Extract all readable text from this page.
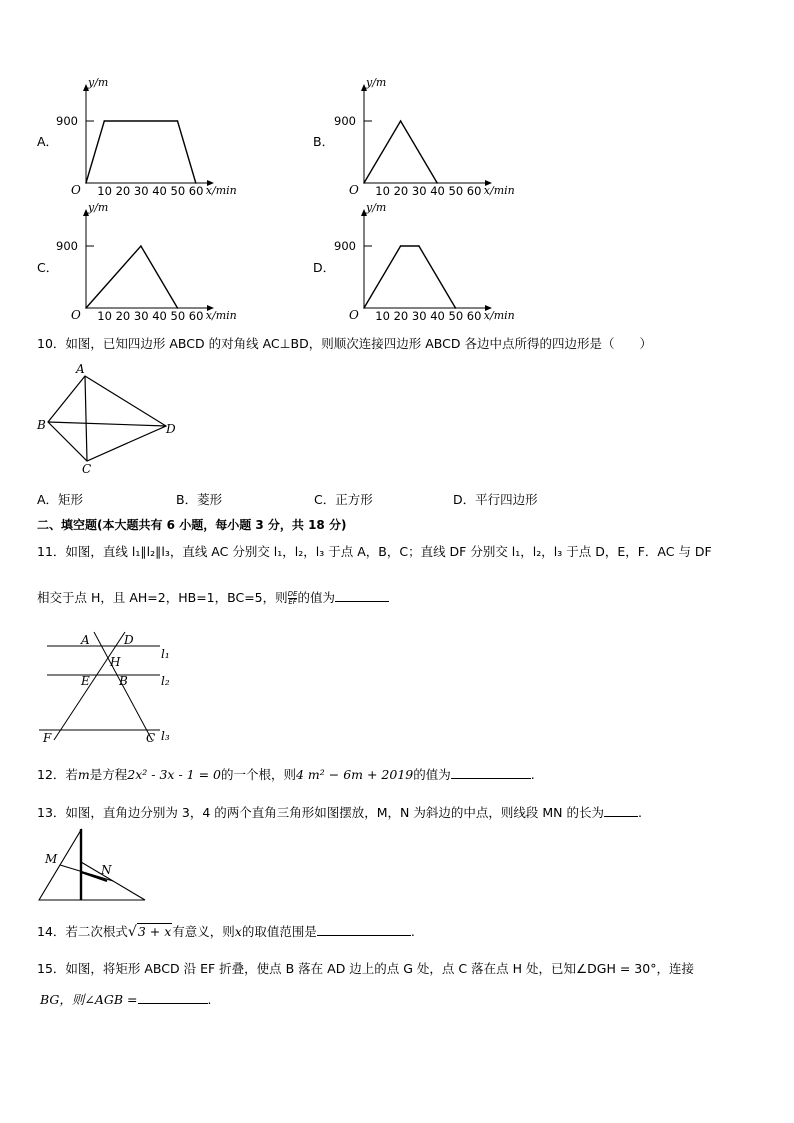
A．	B．
C．	D．
900
y/m
O 10 20 30 40 50 60 x/min
900
y/m
O 10 20 30 40 50 60 x/min
900
y/m
O 10 20 30 40 50 60 x/min
900
y/m
O 10 20 30 40 50 60 x/min
10．如图，已知四边形 ABCD 的对角线 AC⊥BD，则顺次连接四边形 ABCD 各边中点所得的四边形是（　　）
A
B
C
D
A．矩形	B．菱形	C．正方形	D．平行四边形
二、填空题(本大题共有 6 小题，每小题 3 分，共 18 分)
11．如图，直线 l₁∥l₂∥l₃，直线 AC 分别交 l₁，l₂，l₃ 于点 A，B，C；直线 DF 分别交 l₁，l₂，l₃ 于点 D，E，F．AC 与 DF
相交于点 H，且 AH=2，HB=1，BC=5，则 $\frac{DE}{EF}$ 的值为
A	D
H
E B
F	C
l₁
l₂
l₃
12．若m是方程2x² - 3x - 1 = 0的一个根，则4 m² − 6m + 2019的值为	.
13．如图，直角边分别为 3，4 的两个直角三角形如图摆放，M，N 为斜边的中点，则线段 MN 的长为	.
M
N
14．若二次根式√3 + x有意义，则x的取值范围是	.
15．如图，将矩形 ABCD 沿 EF 折叠，使点 B 落在 AD 边上的点 G 处，点 C 落在点 H 处，已知∠DGH = 30°，连接
BG，则∠AGB =	.
